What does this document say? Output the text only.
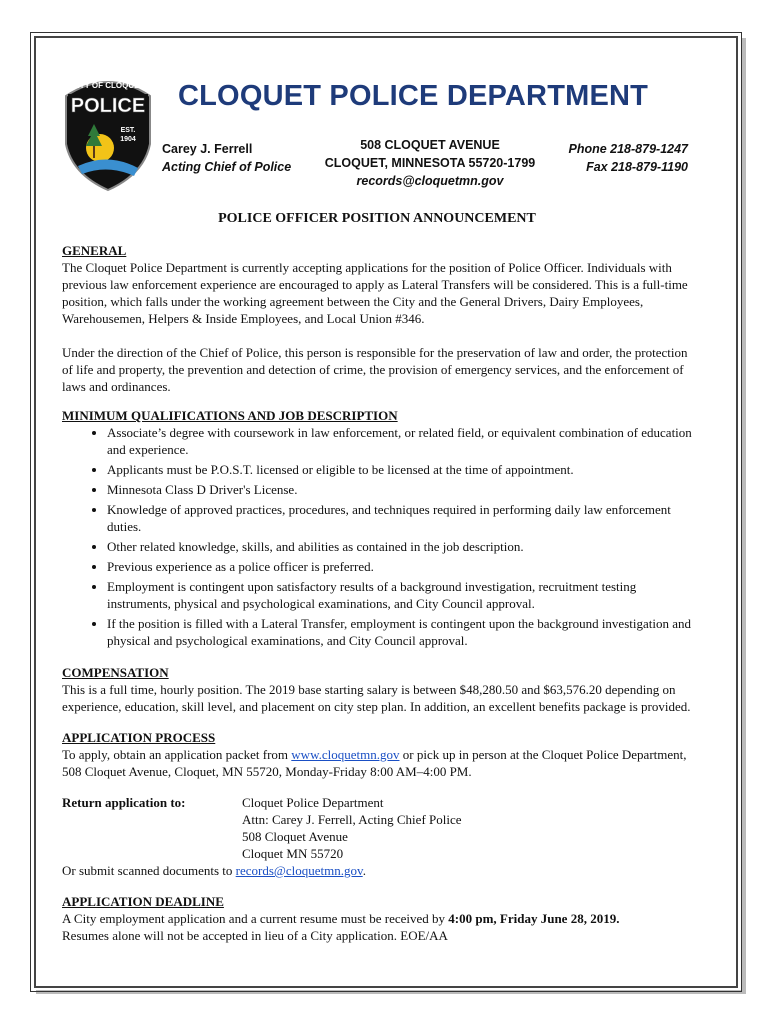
CITY OF CLOQUET
POLICE
EST.
1904
CLOQUET POLICE DEPARTMENT
Carey J. Ferrell
Acting Chief of Police
508 CLOQUET AVENUE
CLOQUET, MINNESOTA 55720-1799
records@cloquetmn.gov
Phone 218-879-1247
Fax 218-879-1190
POLICE OFFICER POSITION ANNOUNCEMENT
GENERAL

The Cloquet Police Department is currently accepting applications for the position of Police Officer. Individuals with previous law enforcement experience are encouraged to apply as Lateral Transfers will be considered. This is a full-time position, which falls under the working agreement between the City and the General Drivers, Dairy Employees, Warehousemen, Helpers & Inside Employees, and Local Union #346.

Under the direction of the Chief of Police, this person is responsible for the preservation of law and order, the protection of life and property, the prevention and detection of crime, the provision of emergency services, and the enforcement of laws and ordinances.

MINIMUM QUALIFICATIONS AND JOB DESCRIPTION
• Associate’s degree with coursework in law enforcement, or related field, or equivalent combination of education and experience.
• Applicants must be P.O.S.T. licensed or eligible to be licensed at the time of appointment.
• Minnesota Class D Driver's License.
• Knowledge of approved practices, procedures, and techniques required in performing daily law enforcement duties.
• Other related knowledge, skills, and abilities as contained in the job description.
• Previous experience as a police officer is preferred.
• Employment is contingent upon satisfactory results of a background investigation, recruitment testing instruments, physical and psychological examinations, and City Council approval.
• If the position is filled with a Lateral Transfer, employment is contingent upon the background investigation and physical and psychological examinations, and City Council approval.
COMPENSATION

This is a full time, hourly position. The 2019 base starting salary is between $48,280.50 and $63,576.20 depending on experience, education, skill level, and placement on city step plan. In addition, an excellent benefits package is provided.

APPLICATION PROCESS

To apply, obtain an application packet from www.cloquetmn.gov or pick up in person at the Cloquet Police Department, 508 Cloquet Avenue, Cloquet, MN 55720, Monday-Friday 8:00 AM–4:00 PM.

Return application to:	Cloquet Police Department
Attn: Carey J. Ferrell, Acting Chief Police
508 Cloquet Avenue
Cloquet MN 55720

Or submit scanned documents to records@cloquetmn.gov.

APPLICATION DEADLINE

A City employment application and a current resume must be received by 4:00 pm, Friday June 28, 2019.

Resumes alone will not be accepted in lieu of a City application. EOE/AA
